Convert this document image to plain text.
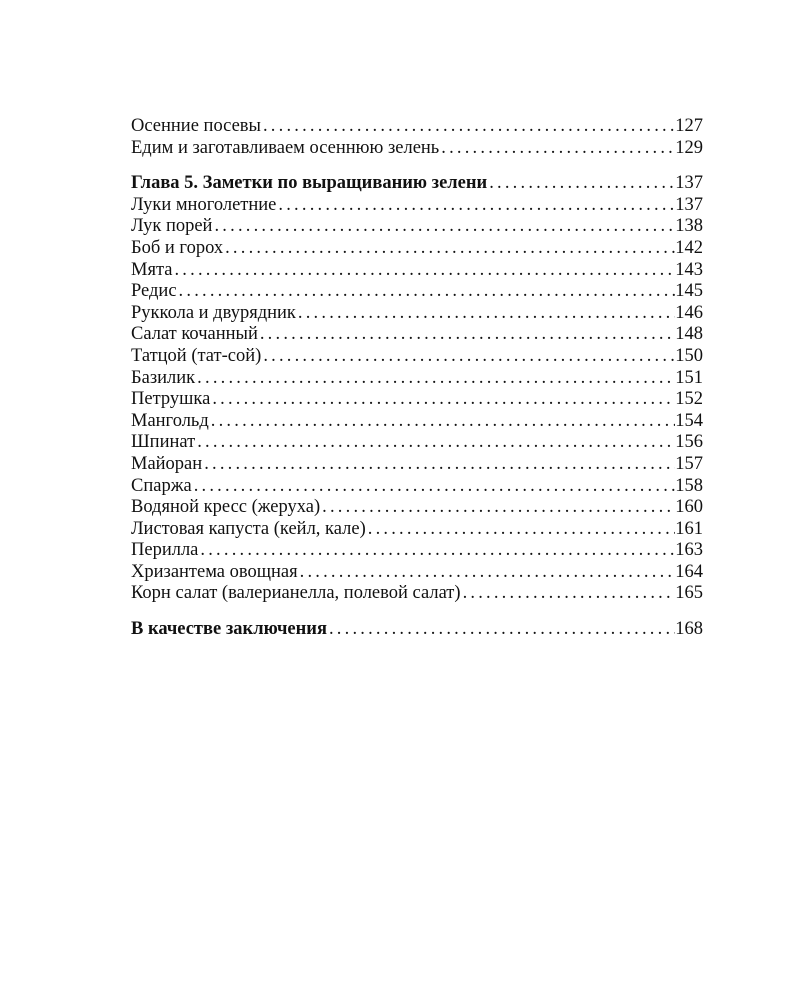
Осенние посевы .....	127
Едим и заготавливаем осеннюю зелень .....	129
Глава 5. Заметки по выращиванию зелени .....	137
Луки многолетние .....	137
Лук порей .....	138
Боб и горох .....	142
Мята .....	143
Редис .....	145
Руккола и двурядник .....	146
Салат кочанный .....	148
Татцой (тат-сой) .....	150
Базилик .....	151
Петрушка .....	152
Мангольд .....	154
Шпинат .....	156
Майоран .....	157
Спаржа .....	158
Водяной кресс (жеруха) .....	160
Листовая капуста (кейл, кале) .....	161
Перилла .....	163
Хризантема овощная .....	164
Корн салат (валерианелла, полевой салат) .....	165
В качестве заключения .....	168
